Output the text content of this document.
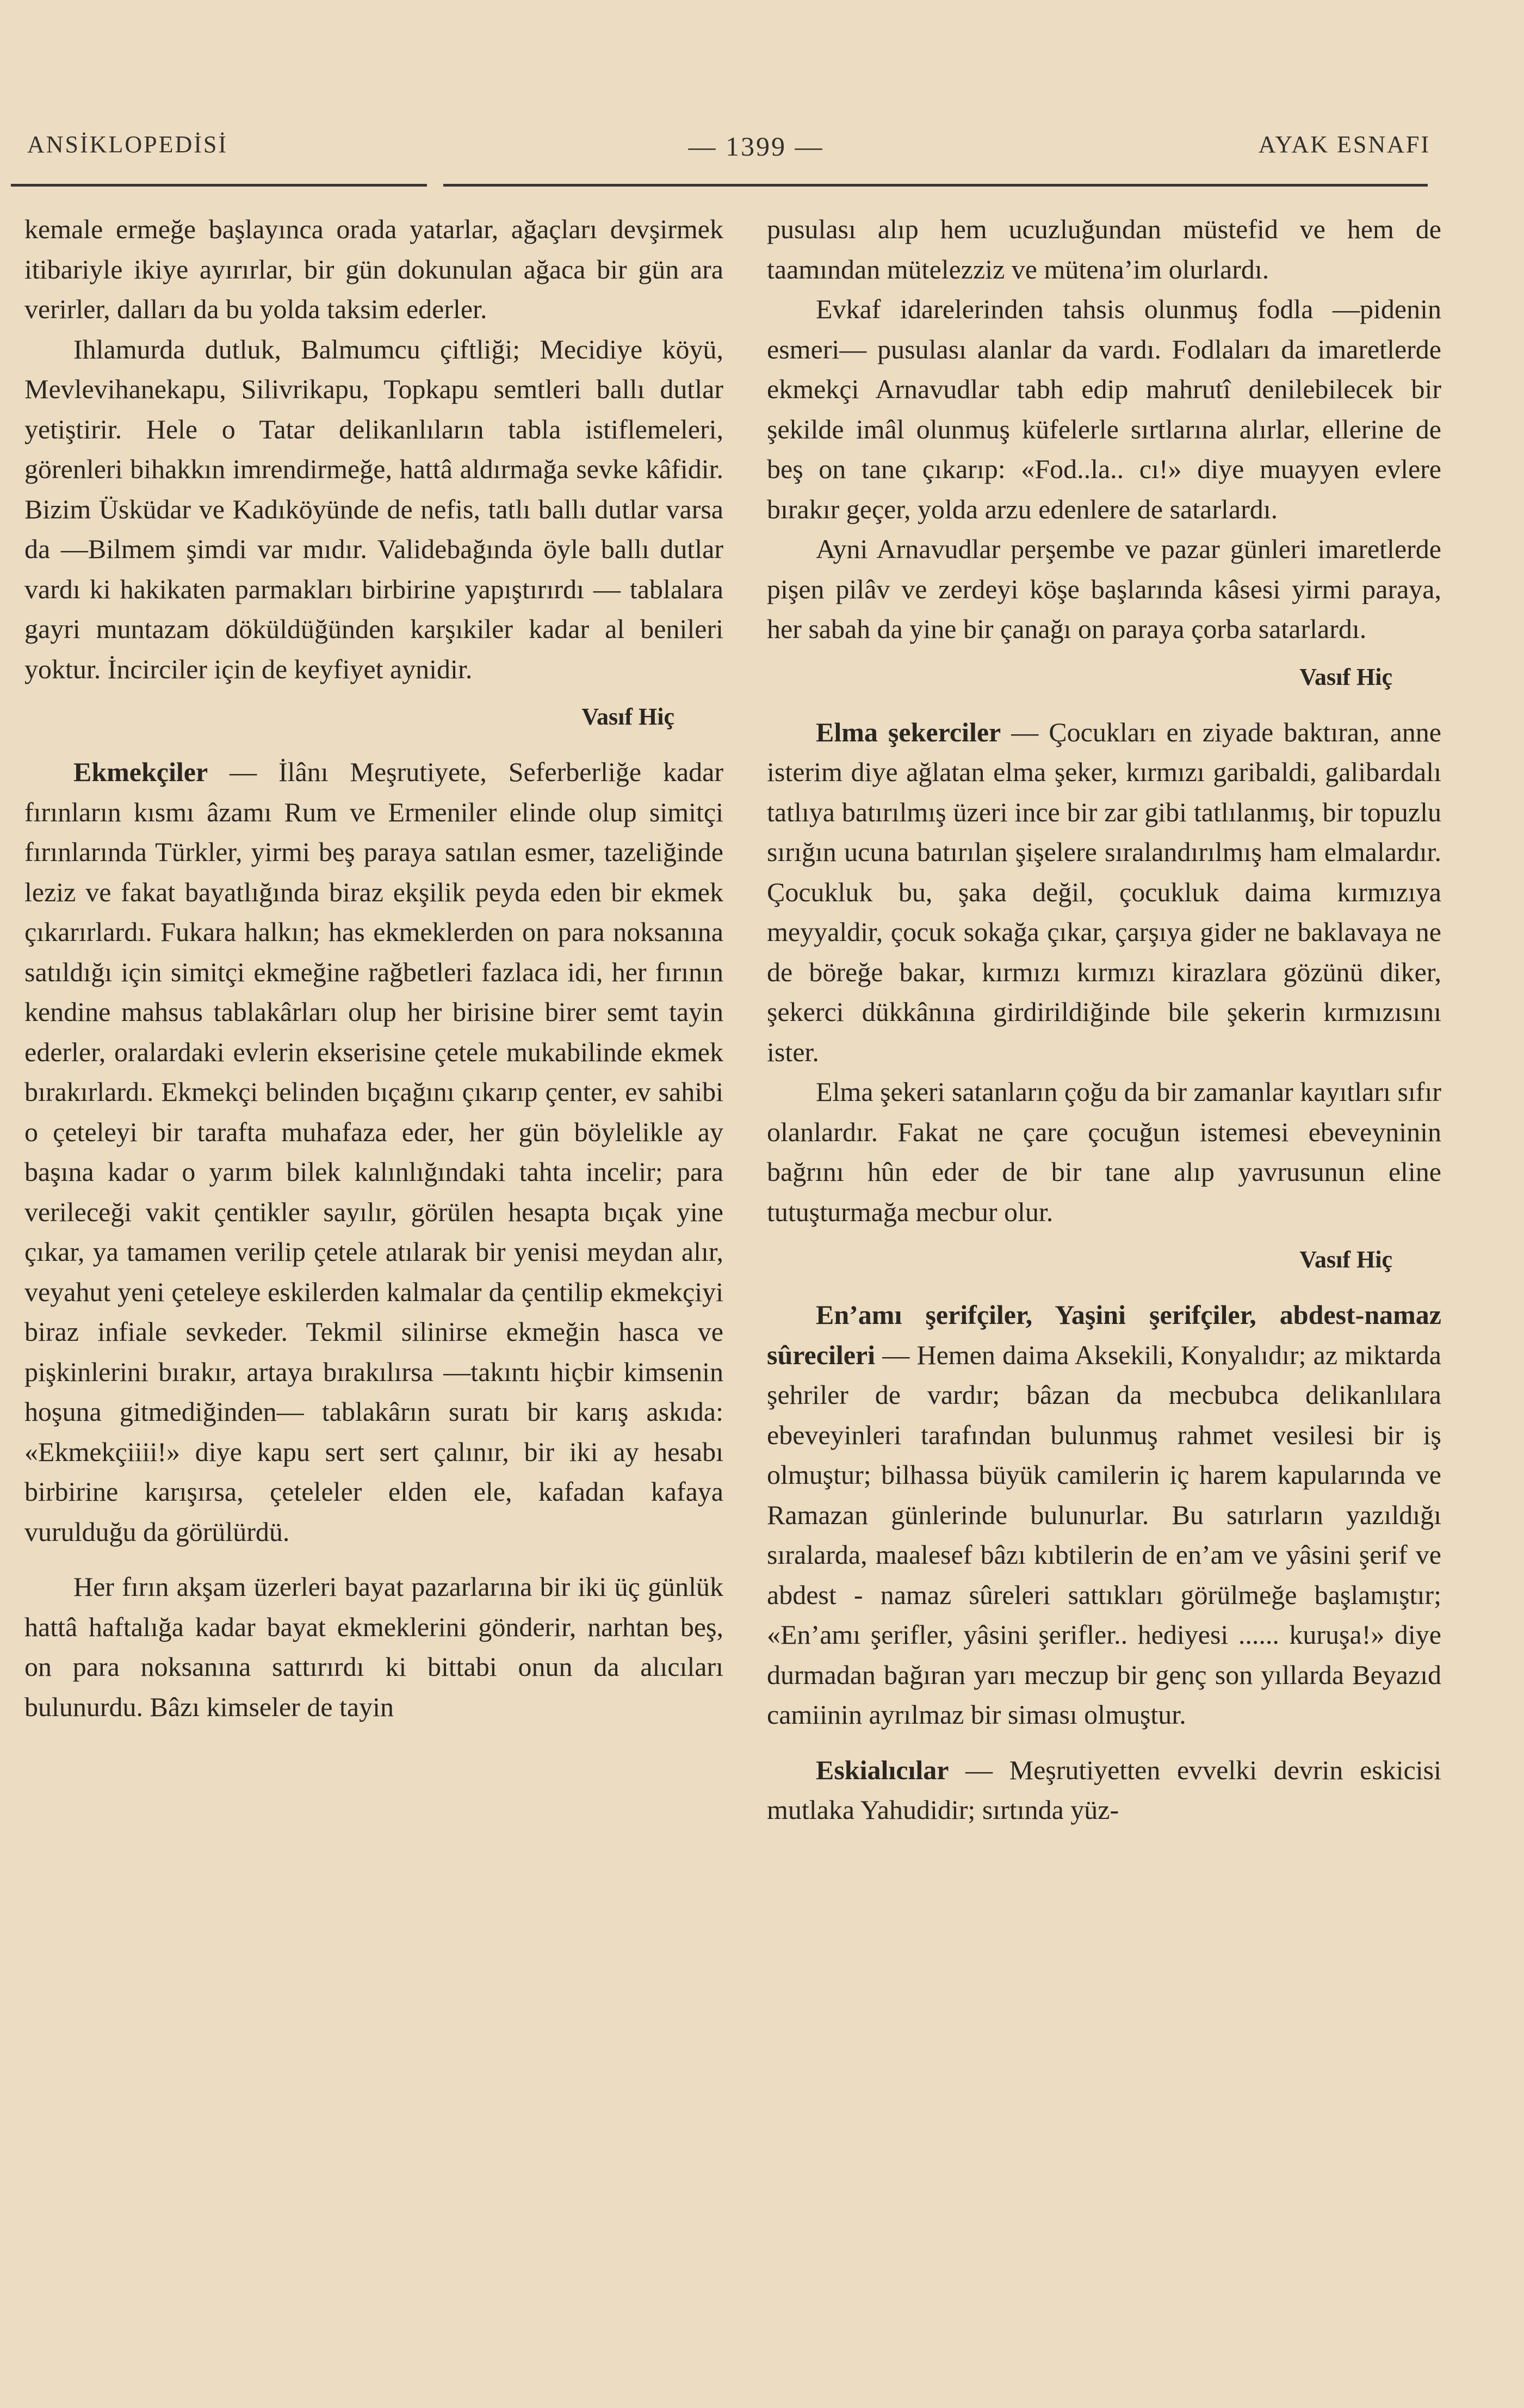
ANSİKLOPEDİSİ	— 1399 —	AYAK ESNAFI

kemale ermeğe başlayınca orada yatarlar, ağaçları devşirmek itibariyle ikiye ayırırlar, bir gün dokunulan ağaca bir gün ara verirler, dalları da bu yolda taksim ederler.

Ihlamurda dutluk, Balmumcu çiftliği; Mecidiye köyü, Mevlevihanekapu, Silivrikapu, Topkapu semtleri ballı dutlar yetiştirir. Hele o Tatar delikanlıların tabla istiflemeleri, görenleri bihakkın imrendirmeğe, hattâ aldırmağa sevke kâfidir. Bizim Üsküdar ve Kadıköyünde de nefis, tatlı ballı dutlar varsa da —Bilmem şimdi var mıdır. Validebağında öyle ballı dutlar vardı ki hakikaten parmakları birbirine yapıştırırdı — tablalara gayri muntazam döküldüğünden karşıkiler kadar al benileri yoktur. İncirciler için de keyfiyet aynidir.

Vasıf Hiç

Ekmekçiler — İlânı Meşrutiyete, Seferberliğe kadar fırınların kısmı âzamı Rum ve Ermeniler elinde olup simitçi fırınlarında Türkler, yirmi beş paraya satılan esmer, tazeliğinde leziz ve fakat bayatlığında biraz ekşilik peyda eden bir ekmek çıkarırlardı. Fukara halkın; has ekmeklerden on para noksanına satıldığı için simitçi ekmeğine rağbetleri fazlaca idi, her fırının kendine mahsus tablakârları olup her birisine birer semt tayin ederler, oralardaki evlerin ekserisine çetele mukabilinde ekmek bırakırlardı. Ekmekçi belinden bıçağını çıkarıp çenter, ev sahibi o çeteleyi bir tarafta muhafaza eder, her gün böylelikle ay başına kadar o yarım bilek kalınlığındaki tahta incelir; para verileceği vakit çentikler sayılır, görülen hesapta bıçak yine çıkar, ya tamamen verilip çetele atılarak bir yenisi meydan alır, veyahut yeni çeteleye eskilerden kalmalar da çentilip ekmekçiyi biraz infiale sevkeder. Tekmil silinirse ekmeğin hasca ve pişkinlerini bırakır, artaya bırakılırsa —takıntı hiçbir kimsenin hoşuna gitmediğinden— tablakârın suratı bir karış askıda: «Ekmekçiiii!» diye kapu sert sert çalınır, bir iki ay hesabı birbirine karışırsa, çeteleler elden ele, kafadan kafaya vurulduğu da görülürdü.

Her fırın akşam üzerleri bayat pazarlarına bir iki üç günlük hattâ haftalığa kadar bayat ekmeklerini gönderir, narhtan beş, on para noksanına sattırırdı ki bittabi onun da alıcıları bulunurdu. Bâzı kimseler de tayin

pusulası alıp hem ucuzluğundan müstefid ve hem de taamından mütelezziz ve mütena’im olurlardı.

Evkaf idarelerinden tahsis olunmuş fodla —pidenin esmeri— pusulası alanlar da vardı. Fodlaları da imaretlerde ekmekçi Arnavudlar tabh edip mahrutî denilebilecek bir şekilde imâl olunmuş küfelerle sırtlarına alırlar, ellerine de beş on tane çıkarıp: «Fod..la.. cı!» diye muayyen evlere bırakır geçer, yolda arzu edenlere de satarlardı.

Ayni Arnavudlar perşembe ve pazar günleri imaretlerde pişen pilâv ve zerdeyi köşe başlarında kâsesi yirmi paraya, her sabah da yine bir çanağı on paraya çorba satarlardı.

Vasıf Hiç

Elma şekerciler — Çocukları en ziyade baktıran, anne isterim diye ağlatan elma şeker, kırmızı garibaldi, galibardalı tatlıya batırılmış üzeri ince bir zar gibi tatlılanmış, bir topuzlu sırığın ucuna batırılan şişelere sıralandırılmış ham elmalardır. Çocukluk bu, şaka değil, çocukluk daima kırmızıya meyyaldir, çocuk sokağa çıkar, çarşıya gider ne baklavaya ne de böreğe bakar, kırmızı kırmızı kirazlara gözünü diker, şekerci dükkânına girdirildiğinde bile şekerin kırmızısını ister.

Elma şekeri satanların çoğu da bir zamanlar kayıtları sıfır olanlardır. Fakat ne çare çocuğun istemesi ebeveyninin bağrını hûn eder de bir tane alıp yavrusunun eline tutuşturmağa mecbur olur.

Vasıf Hiç

En’amı şerifçiler, Yaşini şerifçiler, abdest-namaz sûrecileri — Hemen daima Aksekili, Konyalıdır; az miktarda şehriler de vardır; bâzan da mecbubca delikanlılara ebeveyinleri tarafından bulunmuş rahmet vesilesi bir iş olmuştur; bilhassa büyük camilerin iç harem kapularında ve Ramazan günlerinde bulunurlar. Bu satırların yazıldığı sıralarda, maalesef bâzı kıbtilerin de en’am ve yâsini şerif ve abdest - namaz sûreleri sattıkları görülmeğe başlamıştır; «En’amı şerifler, yâsini şerifler.. hediyesi ...... kuruşa!» diye durmadan bağıran yarı meczup bir genç son yıllarda Beyazıd camiinin ayrılmaz bir siması olmuştur.

Eskialıcılar — Meşrutiyetten evvelki devrin eskicisi mutlaka Yahudidir; sırtında yüz-
